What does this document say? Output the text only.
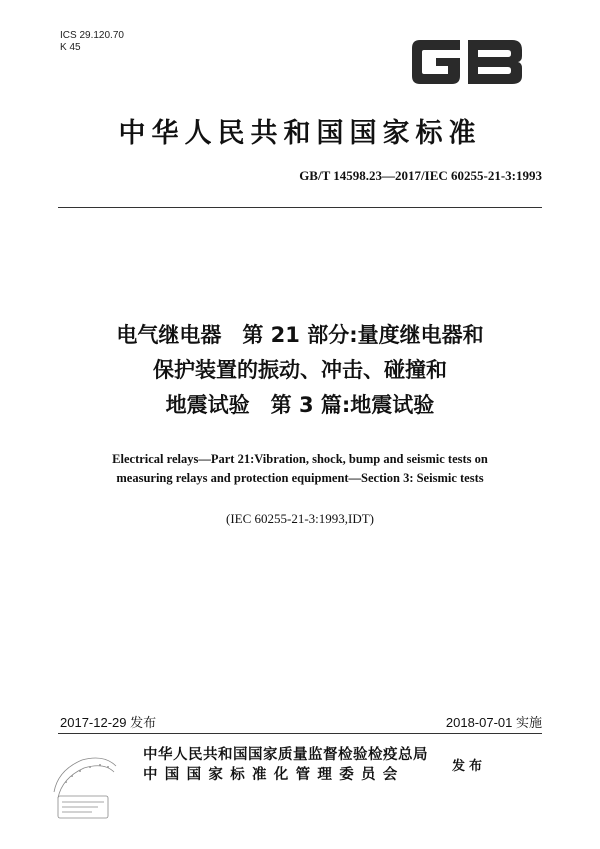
ICS 29.120.70
K 45
中华人民共和国国家标准
GB/T 14598.23—2017/IEC 60255-21-3:1993
电气继电器　第 21 部分:量度继电器和
保护装置的振动、冲击、碰撞和
地震试验　第 3 篇:地震试验
Electrical relays—Part 21:Vibration, shock, bump and seismic tests on
measuring relays and protection equipment—Section 3: Seismic tests
(IEC 60255-21-3:1993,IDT)
2017-12-29 发布	2018-07-01 实施
中华人民共和国国家质量监督检验检疫总局
中国国家标准化管理委员会
发布
